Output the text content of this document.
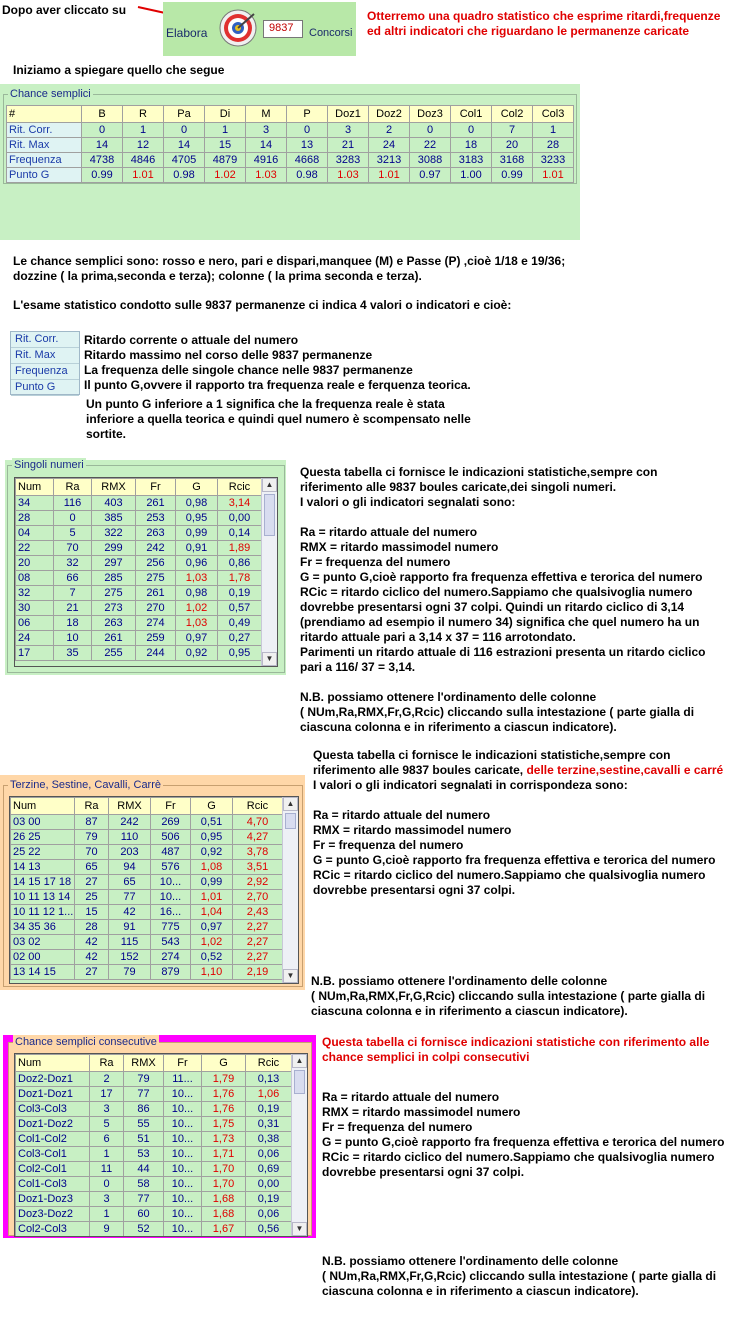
Dopo aver cliccato su
Elabora	9837 Concorsi
Otterremo una quadro statistico che esprime ritardi,frequenze
ed altri indicatori che riguardano le permanenze caricate
Iniziamo a spiegare quello che segue
Chance semplici
#	B	R	Pa	Di	M	P	Doz1	Doz2	Doz3	Col1	Col2	Col3
Rit. Corr.	0	1	0	1	3	0	3	2	0	0	7	1
Rit. Max	14	12	14	15	14	13	21	24	22	18	20	28
Frequenza	4738	4846	4705	4879	4916	4668	3283	3213	3088	3183	3168	3233
Punto G	0.99	1.01	0.98	1.02	1.03	0.98	1.03	1.01	0.97	1.00	0.99	1.01
Le chance semplici sono: rosso e nero, pari e dispari,manquee (M) e Passe (P) ,cioè 1/18 e 19/36;
dozzine ( la prima,seconda e terza); colonne ( la prima seconda e terza).
L'esame statistico condotto sulle 9837 permanenze ci indica 4 valori o indicatori e cioè:
Rit. Corr.
Rit. Max
Frequenza
Punto G
Ritardo corrente o attuale del numero
Ritardo massimo nel corso delle 9837 permanenze
La frequenza delle singole chance nelle 9837 permanenze
Il punto G,ovvere il rapporto tra frequenza reale e ferquenza teorica.
Un punto G inferiore a 1 significa che la frequenza reale è stata
inferiore a quella teorica e quindi quel numero è scompensato nelle
sortite.
Singoli numeri
Num	Ra	RMX	Fr	G	Rcic
34	116	403	261	0,98	3,14
28	0	385	253	0,95	0,00
04	5	322	263	0,99	0,14
22	70	299	242	0,91	1,89
20	32	297	256	0,96	0,86
08	66	285	275	1,03	1,78
32	7	275	261	0,98	0,19
30	21	273	270	1,02	0,57
06	18	263	274	1,03	0,49
24	10	261	259	0,97	0,27
17	35	255	244	0,92	0,95
▲
▼
Questa tabella ci fornisce le indicazioni statistiche,sempre con
riferimento alle 9837 boules caricate,dei singoli numeri.
I valori o gli indicatori segnalati sono:

Ra = ritardo attuale del numero
RMX = ritardo massimodel numero
Fr = frequenza del numero
G = punto G,cioè rapporto fra frequenza effettiva e terorica del numero
RCic = ritardo ciclico del numero.Sappiamo che qualsivoglia numero
dovrebbe presentarsi ogni 37 colpi. Quindi un ritardo ciclico di 3,14
(prendiamo ad esempio il numero 34) significa che quel numero ha un
ritardo attuale pari a 3,14 x 37 = 116 arrotondato.
Parimenti un ritardo attuale di 116 estrazioni presenta un ritardo ciclico
pari a 116/ 37 = 3,14.
N.B. possiamo ottenere l'ordinamento delle colonne
( NUm,Ra,RMX,Fr,G,Rcic) cliccando sulla intestazione ( parte gialla di
ciascuna colonna e in riferimento a ciascun indicatore).
Questa tabella ci fornisce le indicazioni statistiche,sempre con
riferimento alle 9837 boules caricate, delle terzine,sestine,cavalli e carré
I valori o gli indicatori segnalati in corrispondeza sono:

Ra = ritardo attuale del numero
RMX = ritardo massimodel numero
Fr = frequenza del numero
G = punto G,cioè rapporto fra frequenza effettiva e terorica del numero
RCic = ritardo ciclico del numero.Sappiamo che qualsivoglia numero
dovrebbe presentarsi ogni 37 colpi.
Terzine, Sestine, Cavalli, Carrè
Num	Ra	RMX	Fr	G	Rcic
03 00	87	242	269	0,51	4,70
26 25	79	110	506	0,95	4,27
25 22	70	203	487	0,92	3,78
14 13	65	94	576	1,08	3,51
14 15 17 18	27	65	10...	0,99	2,92
10 11 13 14	25	77	10...	1,01	2,70
10 11 12 1...	15	42	16...	1,04	2,43
34 35 36	28	91	775	0,97	2,27
03 02	42	115	543	1,02	2,27
02 00	42	152	274	0,52	2,27
13 14 15	27	79	879	1,10	2,19
▲
▼ N.B. possiamo ottenere l'ordinamento delle colonne
( NUm,Ra,RMX,Fr,G,Rcic) cliccando sulla intestazione ( parte gialla di
ciascuna colonna e in riferimento a ciascun indicatore).
Chance semplici consecutive
Num	Ra	RMX	Fr	G	Rcic
Doz2-Doz1	2	79	11...	1,79	0,13
Doz1-Doz1	17	77	10...	1,76	1,06
Col3-Col3	3	86	10...	1,76	0,19
Doz1-Doz2	5	55	10...	1,75	0,31
Col1-Col2	6	51	10...	1,73	0,38
Col3-Col1	1	53	10...	1,71	0,06
Col2-Col1	11	44	10...	1,70	0,69
Col1-Col3	0	58	10...	1,70	0,00
Doz1-Doz3	3	77	10...	1,68	0,19
Doz3-Doz2	1	60	10...	1,68	0,06
Col2-Col3	9	52	10...	1,67	0,56
▲
▼
Questa tabella ci fornisce indicazioni statistiche con riferimento alle
chance semplici in colpi consecutivi
Ra = ritardo attuale del numero
RMX = ritardo massimodel numero
Fr = frequenza del numero
G = punto G,cioè rapporto fra frequenza effettiva e terorica del numero
RCic = ritardo ciclico del numero.Sappiamo che qualsivoglia numero
dovrebbe presentarsi ogni 37 colpi.
N.B. possiamo ottenere l'ordinamento delle colonne
( NUm,Ra,RMX,Fr,G,Rcic) cliccando sulla intestazione ( parte gialla di
ciascuna colonna e in riferimento a ciascun indicatore).
